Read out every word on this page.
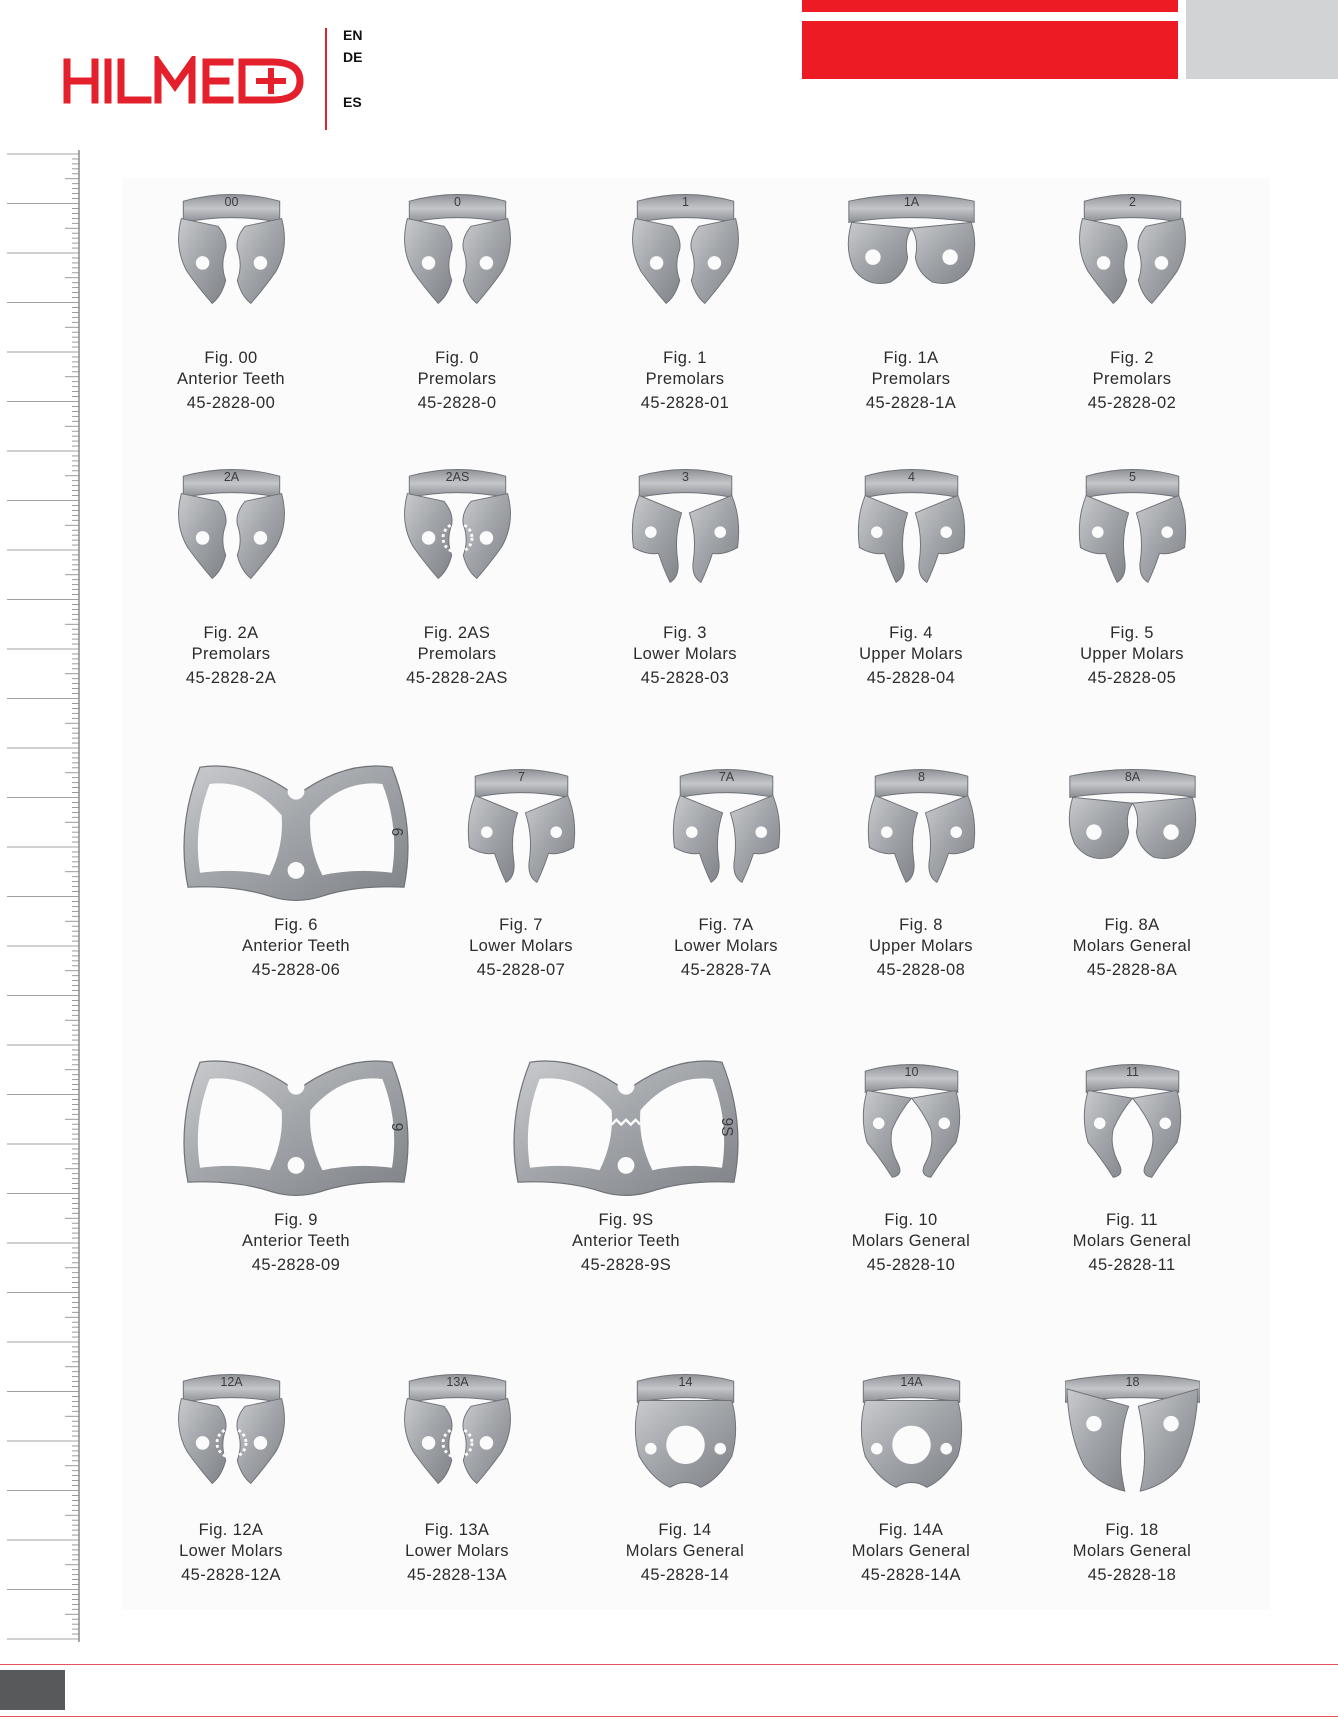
EN
DE
ES
00
Fig. 00
Anterior Teeth
45-2828-00
0
Fig. 0
Premolars
45-2828-0
1
Fig. 1
Premolars
45-2828-01
1A
Fig. 1A
Premolars
45-2828-1A
2
Fig. 2
Premolars
45-2828-02
2A
Fig. 2A
Premolars
45-2828-2A
2AS
Fig. 2AS
Premolars
45-2828-2AS
3
Fig. 3
Lower Molars
45-2828-03
4
Fig. 4
Upper Molars
45-2828-04
5
Fig. 5
Upper Molars
45-2828-05
6
Fig. 6
Anterior Teeth
45-2828-06
7
Fig. 7
Lower Molars
45-2828-07
7A
Fig. 7A
Lower Molars
45-2828-7A
8
Fig. 8
Upper Molars
45-2828-08
8A
Fig. 8A
Molars General
45-2828-8A
9
Fig. 9
Anterior Teeth
45-2828-09
9S
Fig. 9S
Anterior Teeth
45-2828-9S
10
Fig. 10
Molars General
45-2828-10
11
Fig. 11
Molars General
45-2828-11
12A
Fig. 12A
Lower Molars
45-2828-12A
13A
Fig. 13A
Lower Molars
45-2828-13A
14
Fig. 14
Molars General
45-2828-14
14A
Fig. 14A
Molars General
45-2828-14A
18
Fig. 18
Molars General
45-2828-18
